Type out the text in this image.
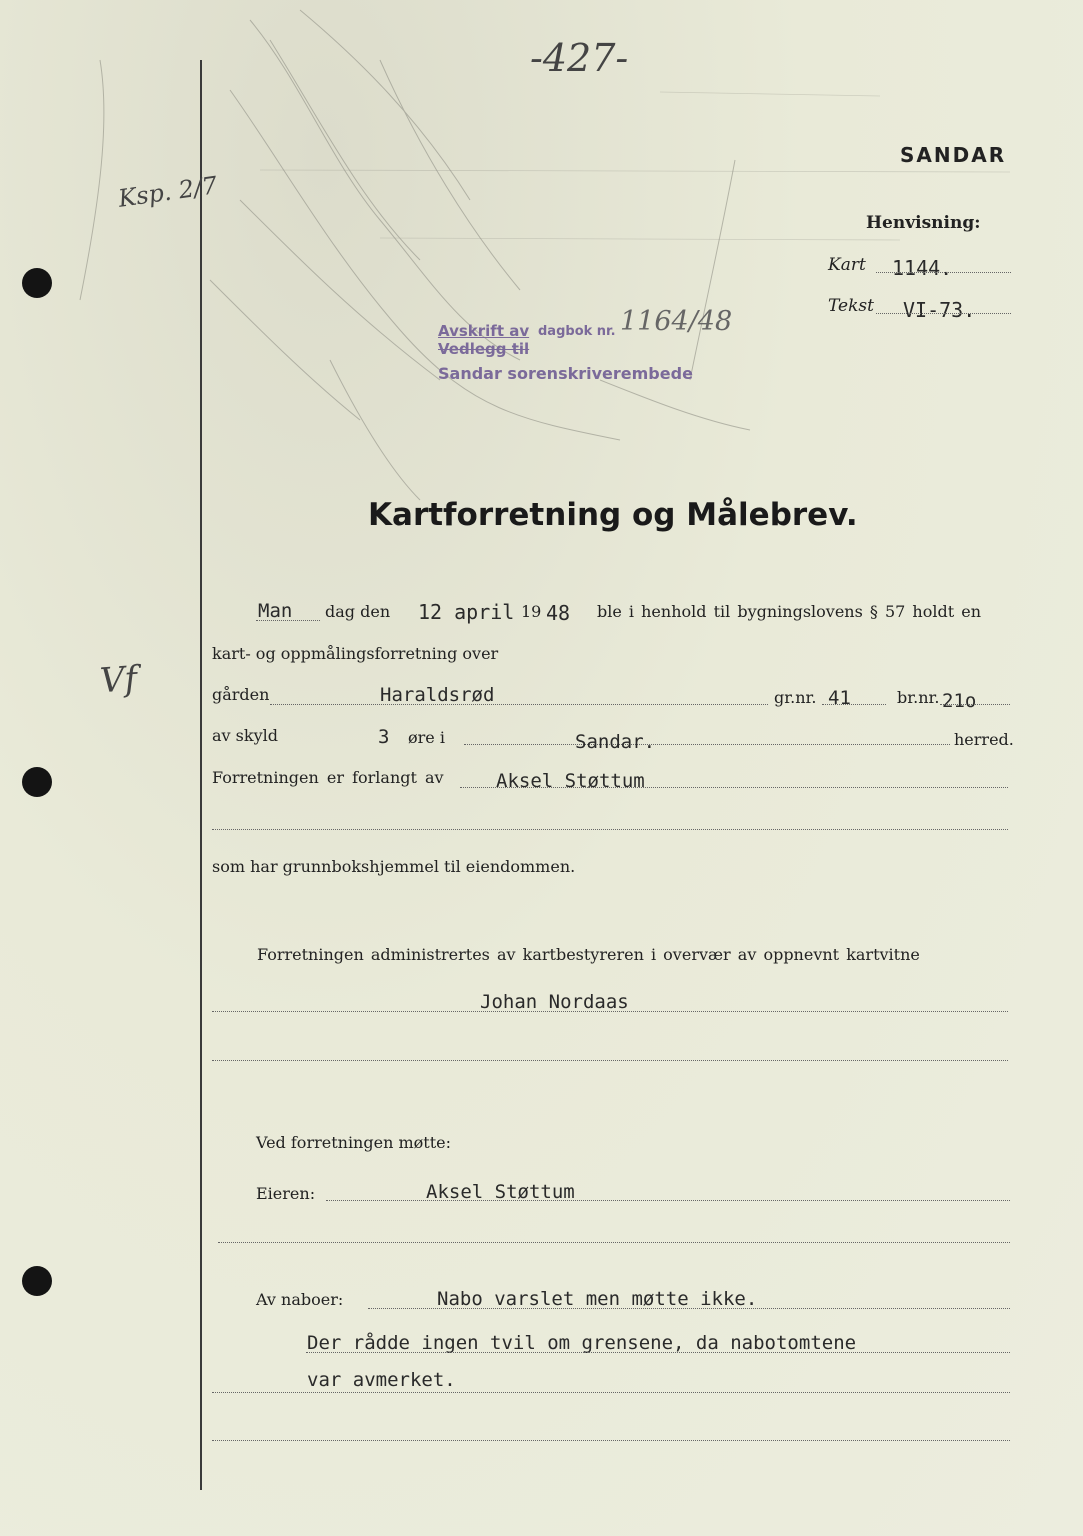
-427-
SANDAR
Henvisning:
Kart 1144.
Tekst VI-73.
Ksp. 2/7
Vf
Avskrift av dagbok nr. 1164/48
Vedlegg til
Sandar sorenskriverembede
Kartforretning og Målebrev.
Man dag den 12 april 19 48 ble i henhold til bygningslovens § 57 holdt en
kart- og oppmålingsforretning over
gården	Haraldsrød	gr.nr. 41	br.nr. 21o
av skyld	3 øre i	Sandar.	herred.
Forretningen er forlangt av	Aksel Støttum
som har grunnbokshjemmel til eiendommen.
Forretningen administrertes av kartbestyreren i overvær av oppnevnt kartvitne
Johan Nordaas
Ved forretningen møtte:
Eieren:	Aksel Støttum
Av naboer:	Nabo varslet men møtte ikke.
Der rådde ingen tvil om grensene, da nabotomtene
var avmerket.
